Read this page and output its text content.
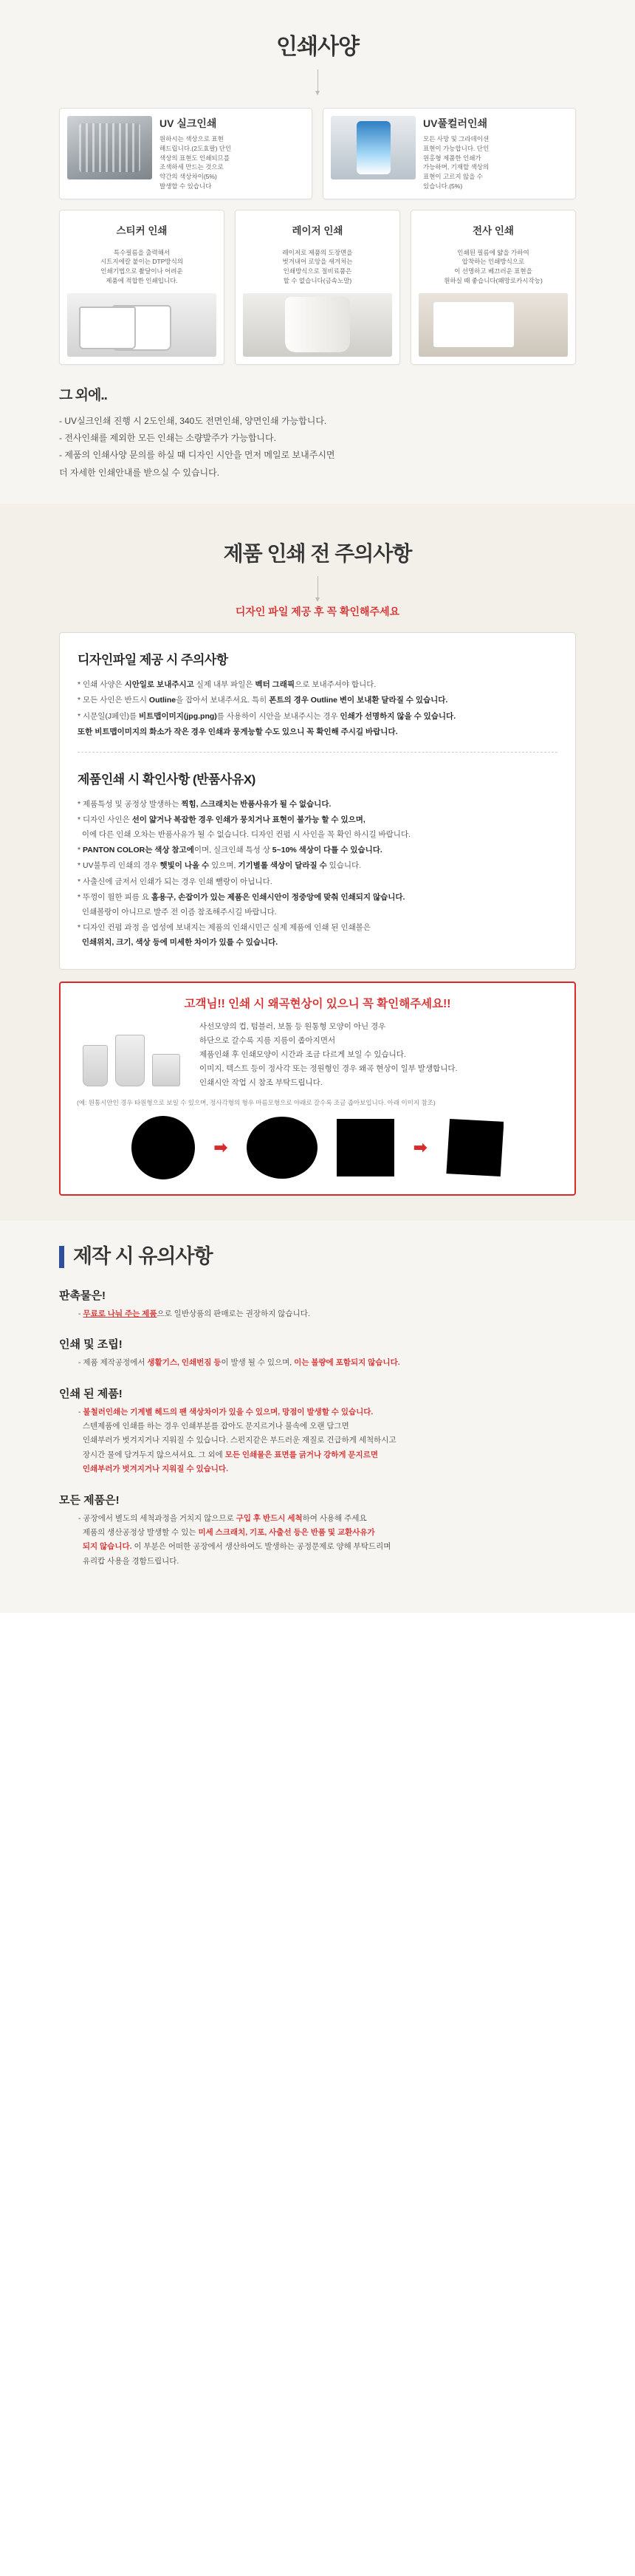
인쇄사양
UV 실크인쇄
원하시는 색상으로 표현
해드립니다.(2도효팔) 단인
색상의 표현도 인쇄되므를
조색하세 만드는 것으로
약간의 색상차이(5%)
발생할 수 있습니다
UV풀컬러인쇄
모든 사망 및 그라데이션
표현이 가능합니다. 단인
원홍형 제품한 인쇄가
가능하며, 기재할 색상의
표현이 고르지 않을 수
있습니다.(5%)
스티커 인쇄
특수필름을 출력해서
시트지에칼 붙이는 DTP방식의
인쇄기법으로 촬달이나 어려운
제품에 적합한 인쇄입니다.
레이저 인쇄
레이저로 제품의 도장면을
벗겨내어 로앙을 새겨처는
인쇄방식으로 절비료품은
할 수 없습니다(금속노말)
전사 인쇄
인쇄된 필름에 얇을 가하여
압착하는 인쇄방식으로
이 선명하고 베끄러운 표현을
원하실 때 좋습니다(왜망로카시작능)
그 외에..
- UV실크인쇄 진행 시 2도인쇄, 340도 전면인쇄, 양면인쇄 가능합니다.
- 전사인쇄를 제외한 모든 인쇄는 소량발주가 가능합니다.
- 제품의 인쇄사양 문의를 하실 때 디자인 시안을 먼저 메일로 보내주시면
더 자세한 인쇄안내를 받으실 수 있습니다.
제품 인쇄 전 주의사항
디자인 파일 제공 후 꼭 확인해주세요
디자인파일 제공 시 주의사항
* 인쇄 사양은 시안일로 보내주시고 실제 내부 파일은 벡터 그래픽으로 보내주셔야 합니다.
* 모든 사인은 반드시 Outline을 잡아서 보내주셔요. 특히 폰트의 경우 Outline 변이 보내환 달라질 수 있습니다.
* 시문일(J페인)를 비트맵이미지(jpg.png)를 사용하이 시안을 보내주시는 경우 인쇄가 선명하지 않을 수 있습니다.
또한 비트맵이미지의 화소가 작은 경우 인쇄과 뭉게능할 수도 있으니 꼭 확인해 주시길 바랍니다.
제품인쇄 시 확인사항 (반품사유X)
* 제품특성 및 공정상 발생하는 찍힘, 스크래치는 반품사유가 될 수 없습니다.
* 디자인 사인은 선이 얇거나 복잡한 경우 인쇄가 뭉치거나 표현이 불가능 할 수 있으며,
이에 다른 인쇄 오차는 반품사유가 될 수 없습니다. 디자인 컨펌 시 사인을 꼭 확인 하시길 바랍니다.
* PANTON COLOR는 색상 참고에이며, 실크인쇄 특성 상 5~10% 색상이 다틀 수 있습니다.
* UV불투리 인쇄의 경우 햇빛이 나올 수 있으며, 기기별롤 색상이 달라질 수 있습니다.
* 사출신에 금저서 인쇄가 되는 경우 인쇄 뺄랑이 아닙니다.
* 뚜껑이 월한 피름 요 홈용구, 손잡이가 있는 제품은 인쇄시안이 정중앙에 맞춰 인쇄되지 않습니다.
인쇄볼랑이 아니므로 발주 전 이즘 참조해주시길 바랍니다.
* 디자인 컨펌 과정 을 엽성에 보내지는 제품의 인쇄시민근 실제 제품에 인쇄 된 인쇄볼은
인쇄위치, 크기, 색상 등에 미세한 차이가 있를 수 있습니다.
고객님!! 인쇄 시 왜곡현상이 있으니 꼭 확인해주세요!!
사선모양의 컵, 텀블러, 보톨 등 원통형 모양이 아닌 경우
하단으로 갈수록 지름 지름이 좁아지면서
제품인쇄 후 인쇄모양이 시간과 조금 다르게 보일 수 있습니다.
이미지, 텍스트 등이 정사각 또는 정원형인 경우 왜곡 현상이 일부 발생합니다.
인쇄시안 작업 시 참조 부탁드립니다.
(예: 원통시안인 경우 타원형으로 보일 수 있으며, 정사각형의 형우 마름모형으로 야래로 갈수록 조금 좁아보입니다. 아래 이미지 참조)
➡	➡
제작 시 유의사항
판촉물은!
- 무료로 나눠 주는 제품으로 일반상품의 판매로는 권장하지 않습니다.
인쇄 및 조립!
- 제품 제작공정에서 생활기스, 인쇄번짐 등이 발생 될 수 있으며, 이는 불량에 포함되지 않습니다.
인쇄 된 제품!
- 불철러인쇄는 기계별 헤드의 팬 색상차이가 있을 수 있으며, 망점이 발생할 수 있습니다.
스텐제품에 인쇄를 하는 경우 인쇄부분를 잡아도 문지르거나 불속에 오랜 담그면
인쇄부러가 벗겨지거나 지워질 수 있습니다. 스펀지같은 부드러운 재질로 건급하게 세척하시고
장시간 물에 담겨두지 않으셔셔요. 그 외에 모든 인쇄물은 표면를 긁거나 강하게 문지르면
인쇄부러가 벗겨지거나 지워질 수 있습니다.
모든 제품은!
- 공장에서 별도의 세척과정을 거치지 않으므로 구입 후 반드시 세척하여 사용해 주세요
제품의 생산공정상 발생할 수 있는 미세 스크래치, 기포, 사출선 등은 반품 및 교환사유가
되지 않습니다. 이 부분은 어떠한 공장에서 생산하여도 발생하는 공정문제로 양해 부탁드리며
유리캅 사용을 경함드립니다.
